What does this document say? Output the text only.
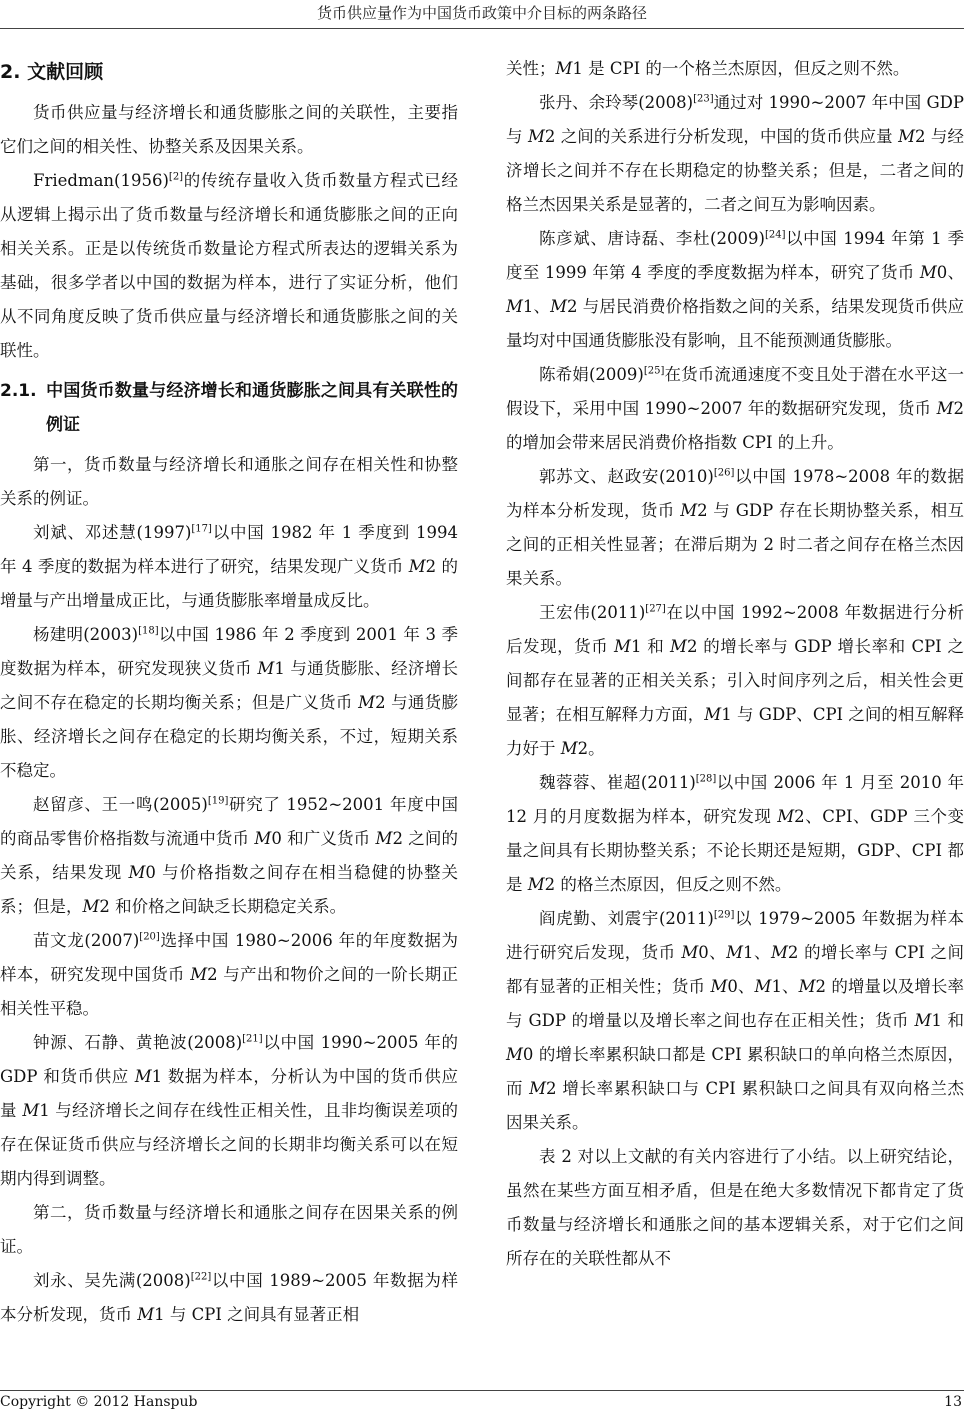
货币供应量作为中国货币政策中介目标的两条路径
2. 文献回顾

货币供应量与经济增长和通货膨胀之间的关联性，主要指它们之间的相关性、协整关系及因果关系。

Friedman(1956)[2]的传统存量收入货币数量方程式已经从逻辑上揭示出了货币数量与经济增长和通货膨胀之间的正向相关关系。正是以传统货币数量论方程式所表达的逻辑关系为基础，很多学者以中国的数据为样本，进行了实证分析，他们从不同角度反映了货币供应量与经济增长和通货膨胀之间的关联性。

2.1. 中国货币数量与经济增长和通货膨胀之间具有关联性的例证

第一，货币数量与经济增长和通胀之间存在相关性和协整关系的例证。

刘斌、邓述慧(1997)[17]以中国 1982 年 1 季度到 1994 年 4 季度的数据为样本进行了研究，结果发现广义货币 M2 的增量与产出增量成正比，与通货膨胀率增量成反比。

杨建明(2003)[18]以中国 1986 年 2 季度到 2001 年 3 季度数据为样本，研究发现狭义货币 M1 与通货膨胀、经济增长之间不存在稳定的长期均衡关系；但是广义货币 M2 与通货膨胀、经济增长之间存在稳定的长期均衡关系，不过，短期关系不稳定。

赵留彦、王一鸣(2005)[19]研究了 1952~2001 年度中国的商品零售价格指数与流通中货币 M0 和广义货币 M2 之间的关系，结果发现 M0 与价格指数之间存在相当稳健的协整关系；但是，M2 和价格之间缺乏长期稳定关系。

苗文龙(2007)[20]选择中国 1980~2006 年的年度数据为样本，研究发现中国货币 M2 与产出和物价之间的一阶长期正相关性平稳。

钟源、石静、黄艳波(2008)[21]以中国 1990~2005 年的 GDP 和货币供应 M1 数据为样本，分析认为中国的货币供应量 M1 与经济增长之间存在线性正相关性，且非均衡误差项的存在保证货币供应与经济增长之间的长期非均衡关系可以在短期内得到调整。

第二，货币数量与经济增长和通胀之间存在因果关系的例证。

刘永、吴先满(2008)[22]以中国 1989~2005 年数据为样本分析发现，货币 M1 与 CPI 之间具有显著正相

关性；M1 是 CPI 的一个格兰杰原因，但反之则不然。

张丹、余玲琴(2008)[23]通过对 1990~2007 年中国 GDP 与 M2 之间的关系进行分析发现，中国的货币供应量 M2 与经济增长之间并不存在长期稳定的协整关系；但是，二者之间的格兰杰因果关系是显著的，二者之间互为影响因素。

陈彦斌、唐诗磊、李杜(2009)[24]以中国 1994 年第 1 季度至 1999 年第 4 季度的季度数据为样本，研究了货币 M0、M1、M2 与居民消费价格指数之间的关系，结果发现货币供应量均对中国通货膨胀没有影响，且不能预测通货膨胀。

陈希娟(2009)[25]在货币流通速度不变且处于潜在水平这一假设下，采用中国 1990~2007 年的数据研究发现，货币 M2 的增加会带来居民消费价格指数 CPI 的上升。

郭苏文、赵政安(2010)[26]以中国 1978~2008 年的数据为样本分析发现，货币 M2 与 GDP 存在长期协整关系，相互之间的正相关性显著；在滞后期为 2 时二者之间存在格兰杰因果关系。

王宏伟(2011)[27]在以中国 1992~2008 年数据进行分析后发现，货币 M1 和 M2 的增长率与 GDP 增长率和 CPI 之间都存在显著的正相关关系；引入时间序列之后，相关性会更显著；在相互解释力方面，M1 与 GDP、CPI 之间的相互解释力好于 M2。

魏蓉蓉、崔超(2011)[28]以中国 2006 年 1 月至 2010 年 12 月的月度数据为样本，研究发现 M2、CPI、GDP 三个变量之间具有长期协整关系；不论长期还是短期，GDP、CPI 都是 M2 的格兰杰原因，但反之则不然。

阎虎勤、刘震宇(2011)[29]以 1979~2005 年数据为样本进行研究后发现，货币 M0、M1、M2 的增长率与 CPI 之间都有显著的正相关性；货币 M0、M1、M2 的增量以及增长率与 GDP 的增量以及增长率之间也存在正相关性；货币 M1 和 M0 的增长率累积缺口都是 CPI 累积缺口的单向格兰杰原因，而 M2 增长率累积缺口与 CPI 累积缺口之间具有双向格兰杰因果关系。

表 2 对以上文献的有关内容进行了小结。以上研究结论，虽然在某些方面互相矛盾，但是在绝大多数情况下都肯定了货币数量与经济增长和通胀之间的基本逻辑关系，对于它们之间所存在的关联性都从不

Copyright © 2012 Hanspub	13
